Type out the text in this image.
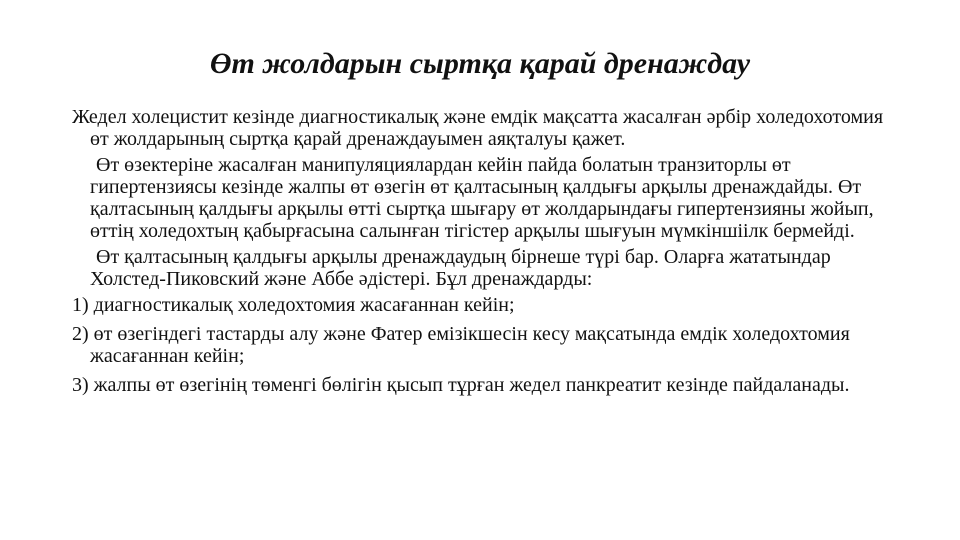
Өт жолдарын сыртқа қарай дренаждау

Жедел холецистит кезінде диагностикалық және емдік мақсатта жасалған әрбір холедохотомия өт жолдарының сыртқа қарай дренаждауымен аяқталуы қажет.

Өт өзектеріне жасалған манипуляциялардан кейін пайда болатын транзиторлы өт гипертензиясы кезінде жалпы өт өзегін өт қалтасының қалдығы арқылы дренаждайды. Өт қалтасының қалдығы арқылы өтті сыртқа шығару өт жолдарындағы гипертензияны жойып, өттің холедохтың қабырғасына салынған тігістер арқылы шығуын мүмкіншіілк бермейді.

Өт қалтасының қалдығы арқылы дренаждаудың бірнеше түрі бар. Оларға жататындар Холстед-Пиковский және Аббе әдістері. Бұл дренаждарды:

1) диагностикалық холедохтомия жасағаннан кейін;

2) өт өзегіндегі тастарды алу және Фатер емізікшесін кесу мақсатында емдік холедохтомия жасағаннан кейін;

3) жалпы өт өзегінің төменгі бөлігін қысып тұрған жедел панкреатит кезінде пайдаланады.
